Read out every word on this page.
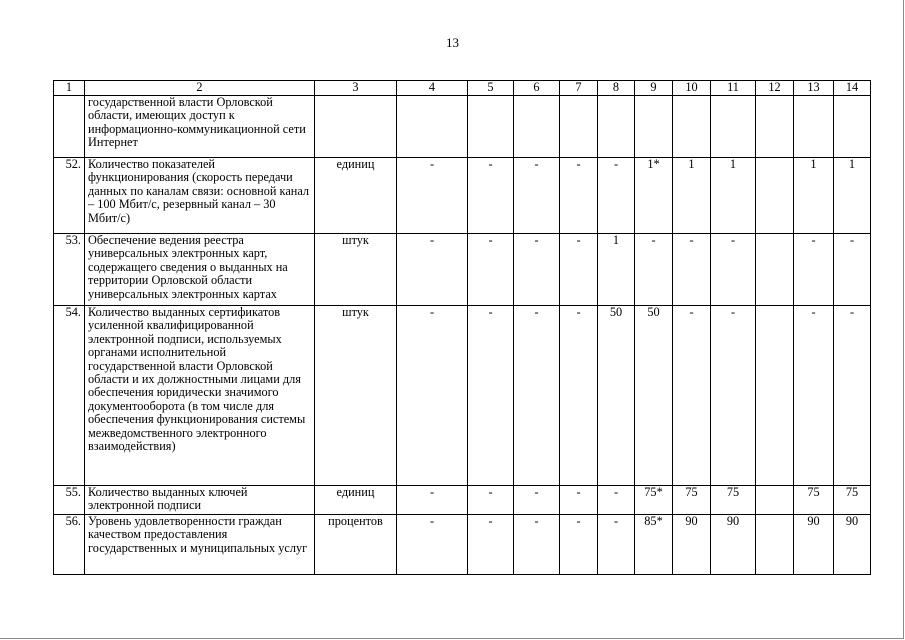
13
1	2	3	4	5	6	7	8	9	10	11	12	13	14
	государственной власти Орловской области, имеющих доступ к информационно-коммуникационной сети Интернет												
52.	Количество показателей функционирования (скорость передачи данных по каналам связи: основной канал – 100 Мбит/с, резервный канал – 30 Мбит/с)	единиц	-	-	-	-	-	1*	1	1		1	1
53.	Обеспечение ведения реестра универсальных электронных карт, содержащего сведения о выданных на территории Орловской области универсальных электронных картах	штук	-	-	-	-	1	-	-	-		-	-
54.	Количество выданных сертификатов усиленной квалифицированной электронной подписи, используемых органами исполнительной государственной власти Орловской области и их должностными лицами для обеспечения юридически значимого документооборота (в том числе для обеспечения функционирования системы межведомственного электронного взаимодействия)	штук	-	-	-	-	50	50	-	-		-	-
55.	Количество выданных ключей электронной подписи	единиц	-	-	-	-	-	75*	75	75		75	75
56.	Уровень удовлетворенности граждан качеством предоставления государственных и муниципальных услуг	процентов	-	-	-	-	-	85*	90	90		90	90
